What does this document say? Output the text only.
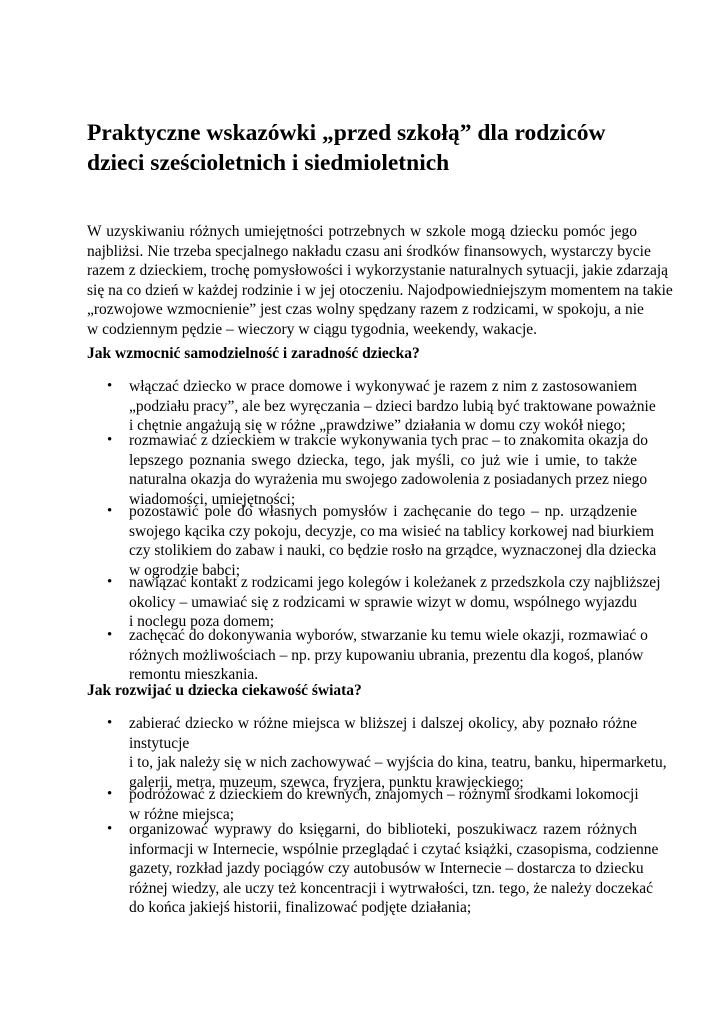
Praktyczne wskazówki „przed szkołą” dla rodziców
dzieci sześcioletnich i siedmioletnich
W uzyskiwaniu różnych umiejętności potrzebnych w szkole mogą dziecku pomóc jego
najbliżsi. Nie trzeba specjalnego nakładu czasu ani środków finansowych, wystarczy bycie
razem z dzieckiem, trochę pomysłowości i wykorzystanie naturalnych sytuacji, jakie zdarzają
się na co dzień w każdej rodzinie i w jej otoczeniu. Najodpowiedniejszym momentem na takie
„rozwojowe wzmocnienie” jest czas wolny spędzany razem z rodzicami, w spokoju, a nie
w codziennym pędzie – wieczory w ciągu tygodnia, weekendy, wakacje.
Jak wzmocnić samodzielność i zaradność dziecka?
• włączać dziecko w prace domowe i wykonywać je razem z nim z zastosowaniem
„podziału pracy”, ale bez wyręczania – dzieci bardzo lubią być traktowane poważnie
i chętnie angażują się w różne „prawdziwe” działania w domu czy wokół niego;
• rozmawiać z dzieckiem w trakcie wykonywania tych prac – to znakomita okazja do
lepszego poznania swego dziecka, tego, jak myśli, co już wie i umie, to także
naturalna okazja do wyrażenia mu swojego zadowolenia z posiadanych przez niego
wiadomości, umiejętności;
• pozostawić pole do własnych pomysłów i zachęcanie do tego – np. urządzenie
swojego kącika czy pokoju, decyzje, co ma wisieć na tablicy korkowej nad biurkiem
czy stolikiem do zabaw i nauki, co będzie rosło na grządce, wyznaczonej dla dziecka
w ogrodzie babci;
• nawiązać kontakt z rodzicami jego kolegów i koleżanek z przedszkola czy najbliższej
okolicy – umawiać się z rodzicami w sprawie wizyt w domu, wspólnego wyjazdu
i noclegu poza domem;
• zachęcać do dokonywania wyborów, stwarzanie ku temu wiele okazji, rozmawiać o
różnych możliwościach – np. przy kupowaniu ubrania, prezentu dla kogoś, planów
remontu mieszkania.
Jak rozwijać u dziecka ciekawość świata?
• zabierać dziecko w różne miejsca w bliższej i dalszej okolicy, aby poznało różne
instytucje
i to, jak należy się w nich zachowywać – wyjścia do kina, teatru, banku, hipermarketu,
galerii, metra, muzeum, szewca, fryzjera, punktu krawieckiego;
• podróżować z dzieckiem do krewnych, znajomych – różnymi środkami lokomocji
w różne miejsca;
• organizować wyprawy do księgarni, do biblioteki, poszukiwacz razem różnych
informacji w Internecie, wspólnie przeglądać i czytać książki, czasopisma, codzienne
gazety, rozkład jazdy pociągów czy autobusów w Internecie – dostarcza to dziecku
różnej wiedzy, ale uczy też koncentracji i wytrwałości, tzn. tego, że należy doczekać
do końca jakiejś historii, finalizować podjęte działania;
